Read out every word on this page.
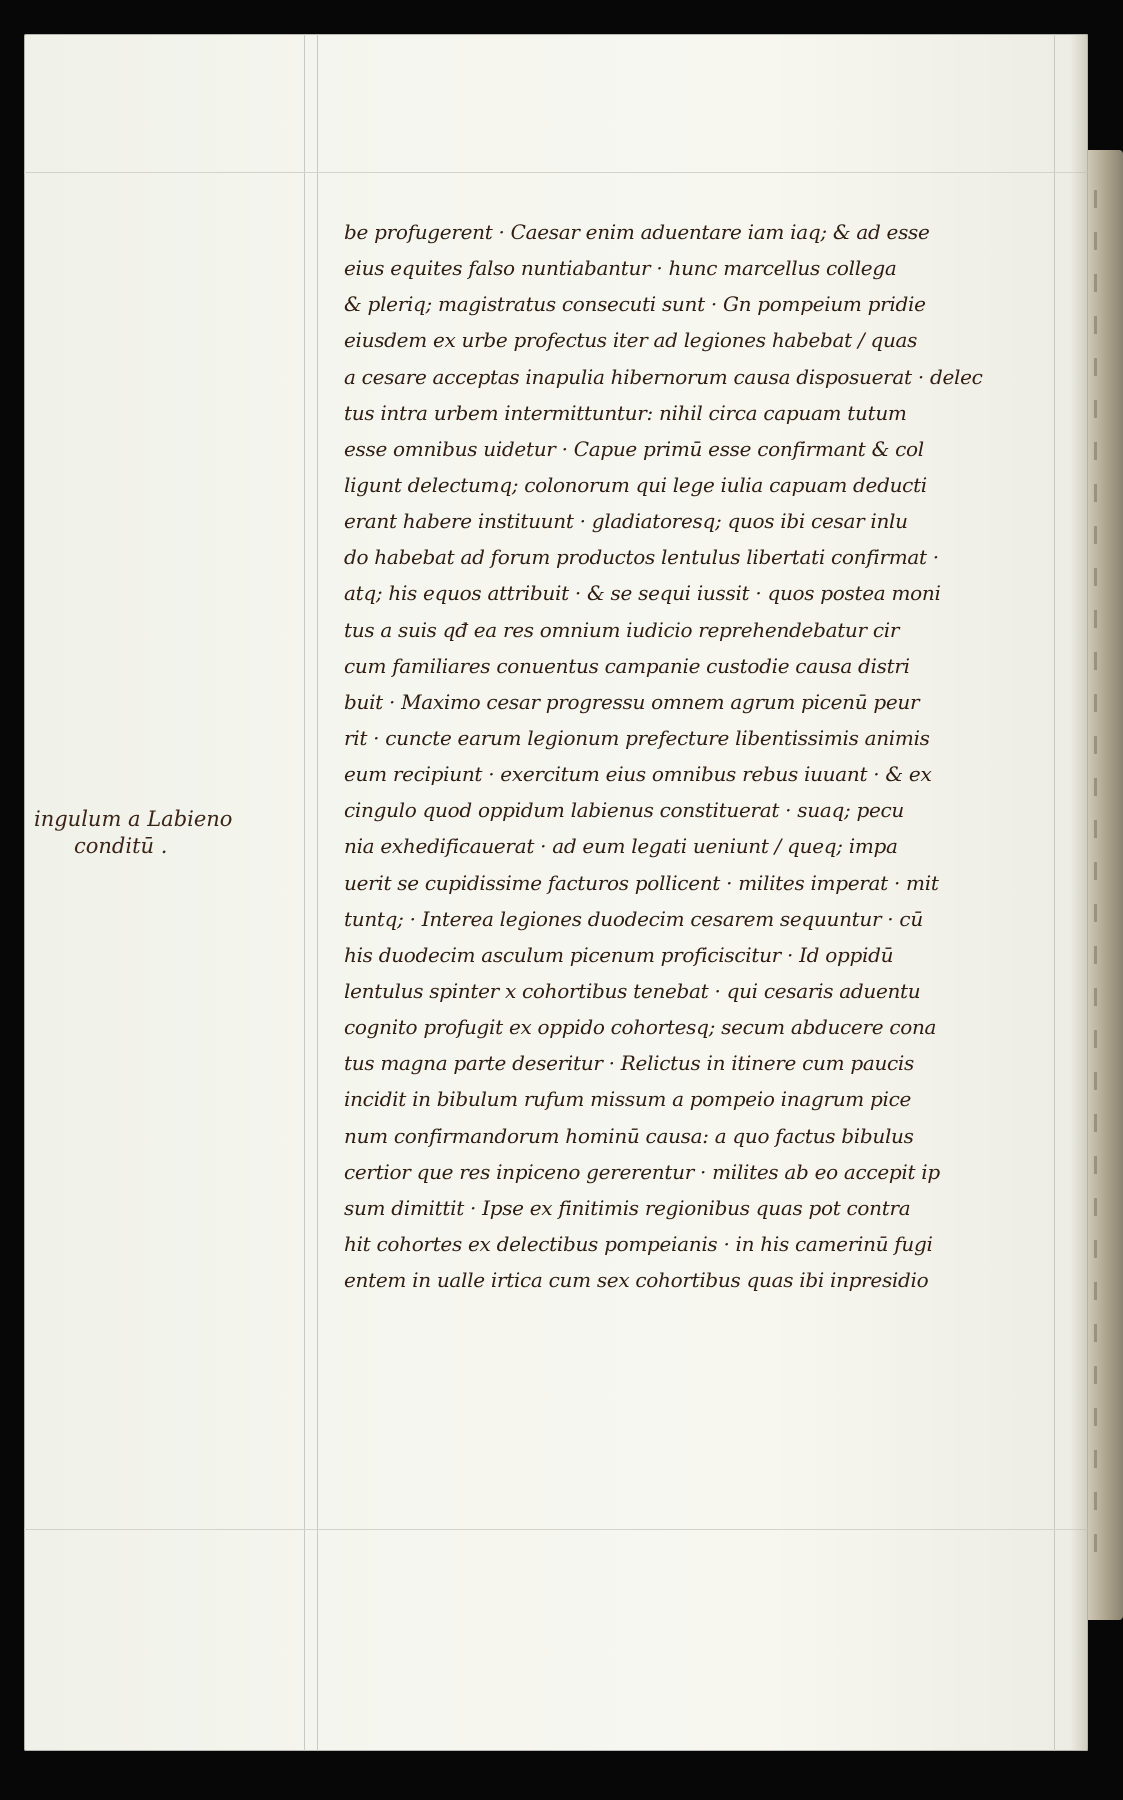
ingulum a Labieno
conditū .
be profugerent · Caesar enim aduentare iam iaq; & ad esse
eius equites falso nuntiabantur · hunc marcellus collega
& pleriq; magistratus consecuti sunt · Gn pompeium pridie
eiusdem ex urbe profectus iter ad legiones habebat / quas
a cesare acceptas inapulia hibernorum causa disposuerat · delec
tus intra urbem intermittuntur: nihil circa capuam tutum
esse omnibus uidetur · Capue primū esse confirmant & col
ligunt delectumq; colonorum qui lege iulia capuam deducti
erant habere instituunt · gladiatoresq; quos ibi cesar inlu
do habebat ad forum productos lentulus libertati confirmat ·
atq; his equos attribuit · & se sequi iussit · quos postea moni
tus a suis qđ ea res omnium iudicio reprehendebatur cir
cum familiares conuentus campanie custodie causa distri
buit · Maximo cesar progressu omnem agrum picenū peur
rit · cuncte earum legionum prefecture libentissimis animis
eum recipiunt · exercitum eius omnibus rebus iuuant · & ex
cingulo quod oppidum labienus constituerat · suaq; pecu
nia exhedificauerat · ad eum legati ueniunt / queq; impa
uerit se cupidissime facturos pollicent · milites imperat · mit
tuntq; · Interea legiones duodecim cesarem sequuntur · cū
his duodecim asculum picenum proficiscitur · Id oppidū
lentulus spinter x cohortibus tenebat · qui cesaris aduentu
cognito profugit ex oppido cohortesq; secum abducere cona
tus magna parte deseritur · Relictus in itinere cum paucis
incidit in bibulum rufum missum a pompeio inagrum pice
num confirmandorum hominū causa: a quo factus bibulus
certior que res inpiceno gererentur · milites ab eo accepit ip
sum dimittit · Ipse ex finitimis regionibus quas pot contra
hit cohortes ex delectibus pompeianis · in his camerinū fugi
entem in ualle irtica cum sex cohortibus quas ibi inpresidio
